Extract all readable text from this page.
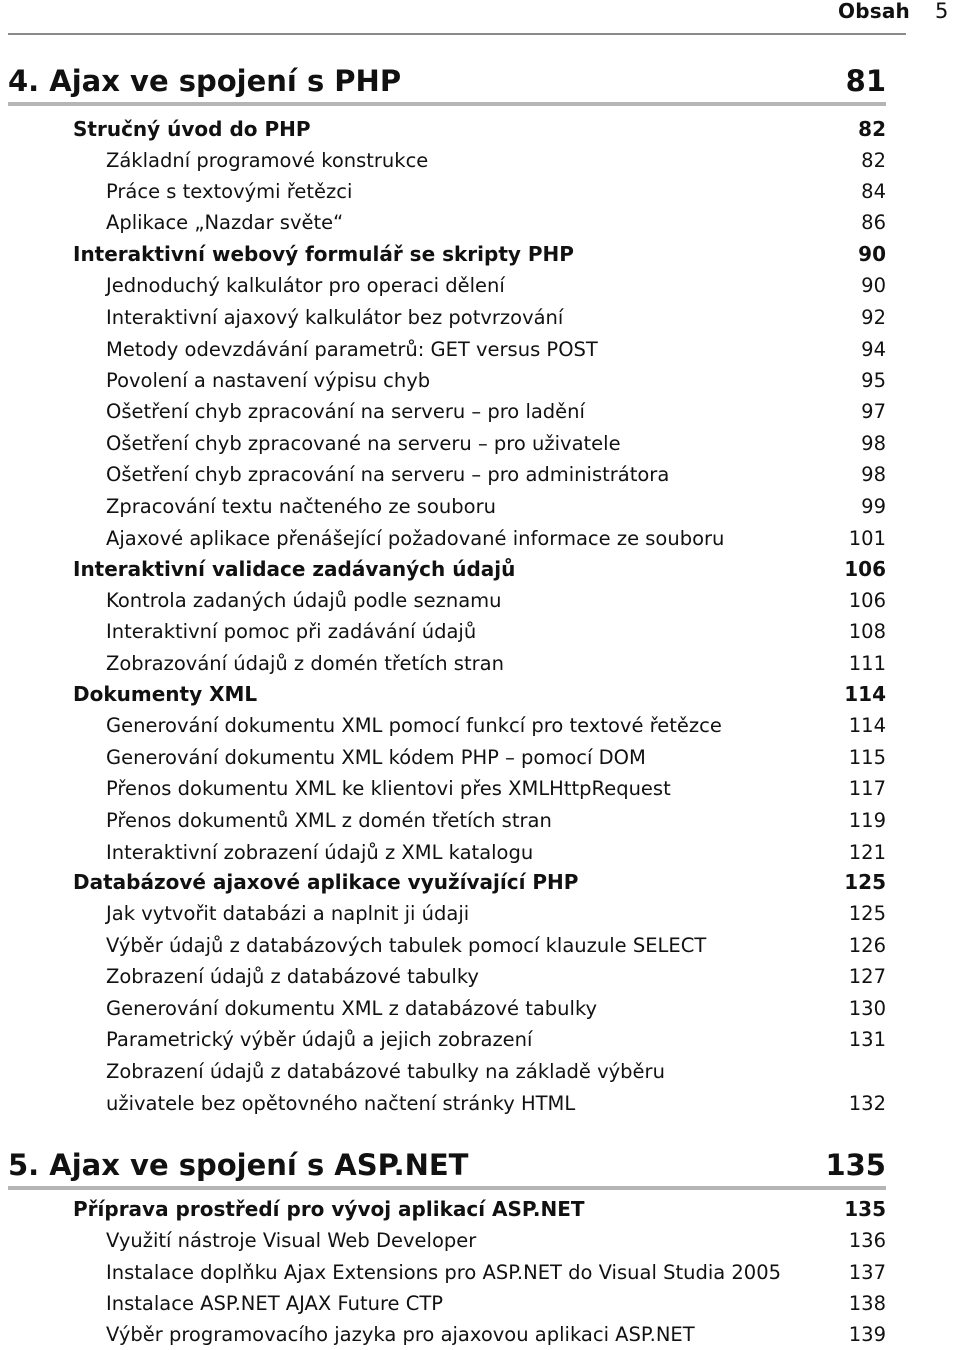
Obsah 5
4. Ajax ve spojení s PHP	81
Stručný úvod do PHP	82
Základní programové konstrukce	82
Práce s textovými řetězci	84
Aplikace „Nazdar světe“	86
Interaktivní webový formulář se skripty PHP	90
Jednoduchý kalkulátor pro operaci dělení	90
Interaktivní ajaxový kalkulátor bez potvrzování	92
Metody odevzdávání parametrů: GET versus POST	94
Povolení a nastavení výpisu chyb	95
Ošetření chyb zpracování na serveru – pro ladění	97
Ošetření chyb zpracované na serveru – pro uživatele	98
Ošetření chyb zpracování na serveru – pro administrátora	98
Zpracování textu načteného ze souboru	99
Ajaxové aplikace přenášející požadované informace ze souboru	101
Interaktivní validace zadávaných údajů	106
Kontrola zadaných údajů podle seznamu	106
Interaktivní pomoc při zadávání údajů	108
Zobrazování údajů z domén třetích stran	111
Dokumenty XML	114
Generování dokumentu XML pomocí funkcí pro textové řetězce	114
Generování dokumentu XML kódem PHP – pomocí DOM	115
Přenos dokumentu XML ke klientovi přes XMLHttpRequest	117
Přenos dokumentů XML z domén třetích stran	119
Interaktivní zobrazení údajů z XML katalogu	121
Databázové ajaxové aplikace využívající PHP	125
Jak vytvořit databázi a naplnit ji údaji	125
Výběr údajů z databázových tabulek pomocí klauzule SELECT	126
Zobrazení údajů z databázové tabulky	127
Generování dokumentu XML z databázové tabulky	130
Parametrický výběr údajů a jejich zobrazení	131
Zobrazení údajů z databázové tabulky na základě výběru
uživatele bez opětovného načtení stránky HTML	132
5. Ajax ve spojení s ASP.NET	135
Příprava prostředí pro vývoj aplikací ASP.NET	135
Využití nástroje Visual Web Developer	136
Instalace doplňku Ajax Extensions pro ASP.NET do Visual Studia 2005	137
Instalace ASP.NET AJAX Future CTP	138
Výběr programovacího jazyka pro ajaxovou aplikaci ASP.NET	139
